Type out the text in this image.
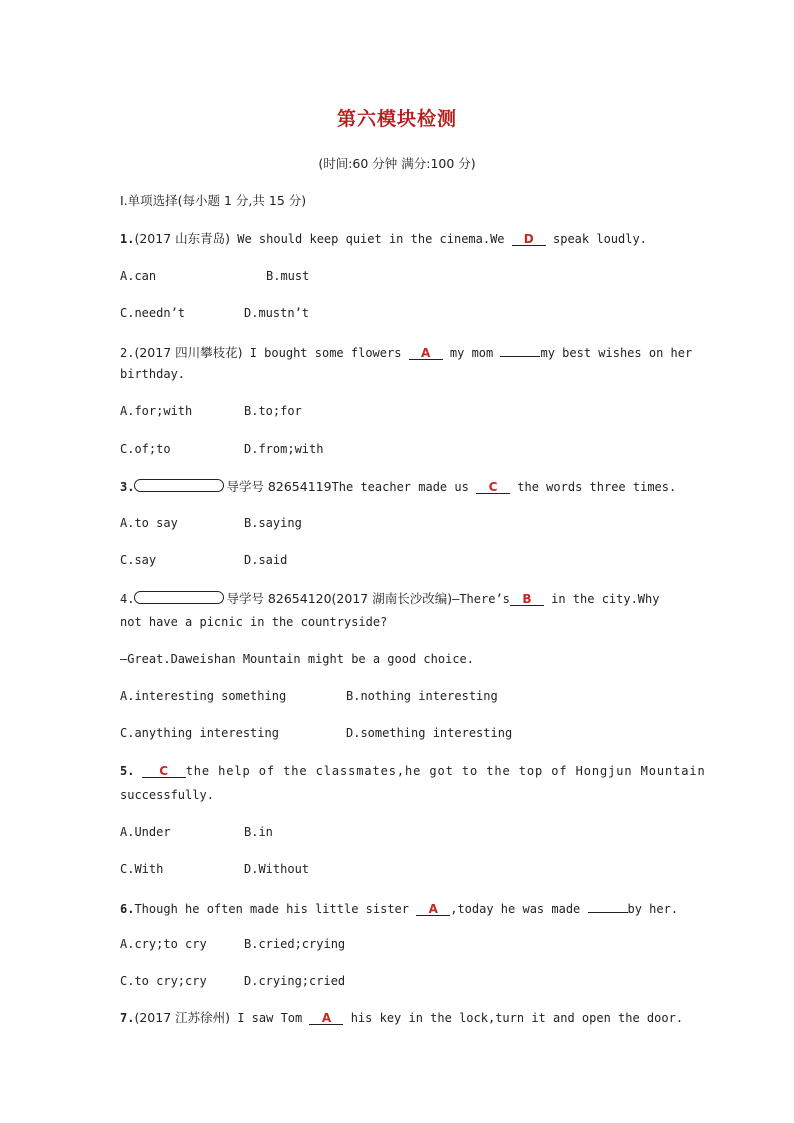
第六模块检测
(时间:60 分钟 满分:100 分)
Ⅰ.单项选择(每小题 1 分,共 15 分)
1.(2017 山东青岛) We should keep quiet in the cinema.We D speak loudly.
A.can	B.must
C.needn’t	D.mustn’t
2.(2017 四川攀枝花) I bought some flowers A my mom	my best wishes on her
birthday.
A.for;with	B.to;for
C.of;to	D.from;with
3.	导学号 82654119The teacher made us C the words three times.
A.to say	B.saying
C.say	D.said
4.	导学号 82654120(2017 湖南长沙改编)—There’s B in the city.Why
not have a picnic in the countryside?
—Great.Daweishan Mountain might be a good choice.
A.interesting something	B.nothing interesting
C.anything interesting	D.something interesting
5. C the help of the classmates,he got to the top of Hongjun Mountain
successfully.
A.Under	B.in
C.With	D.Without
6.Though he often made his little sister A ,today he was made	by her.
A.cry;to cry	B.cried;crying
C.to cry;cry	D.crying;cried
7.(2017 江苏徐州) I saw Tom A his key in the lock,turn it and open the door.
